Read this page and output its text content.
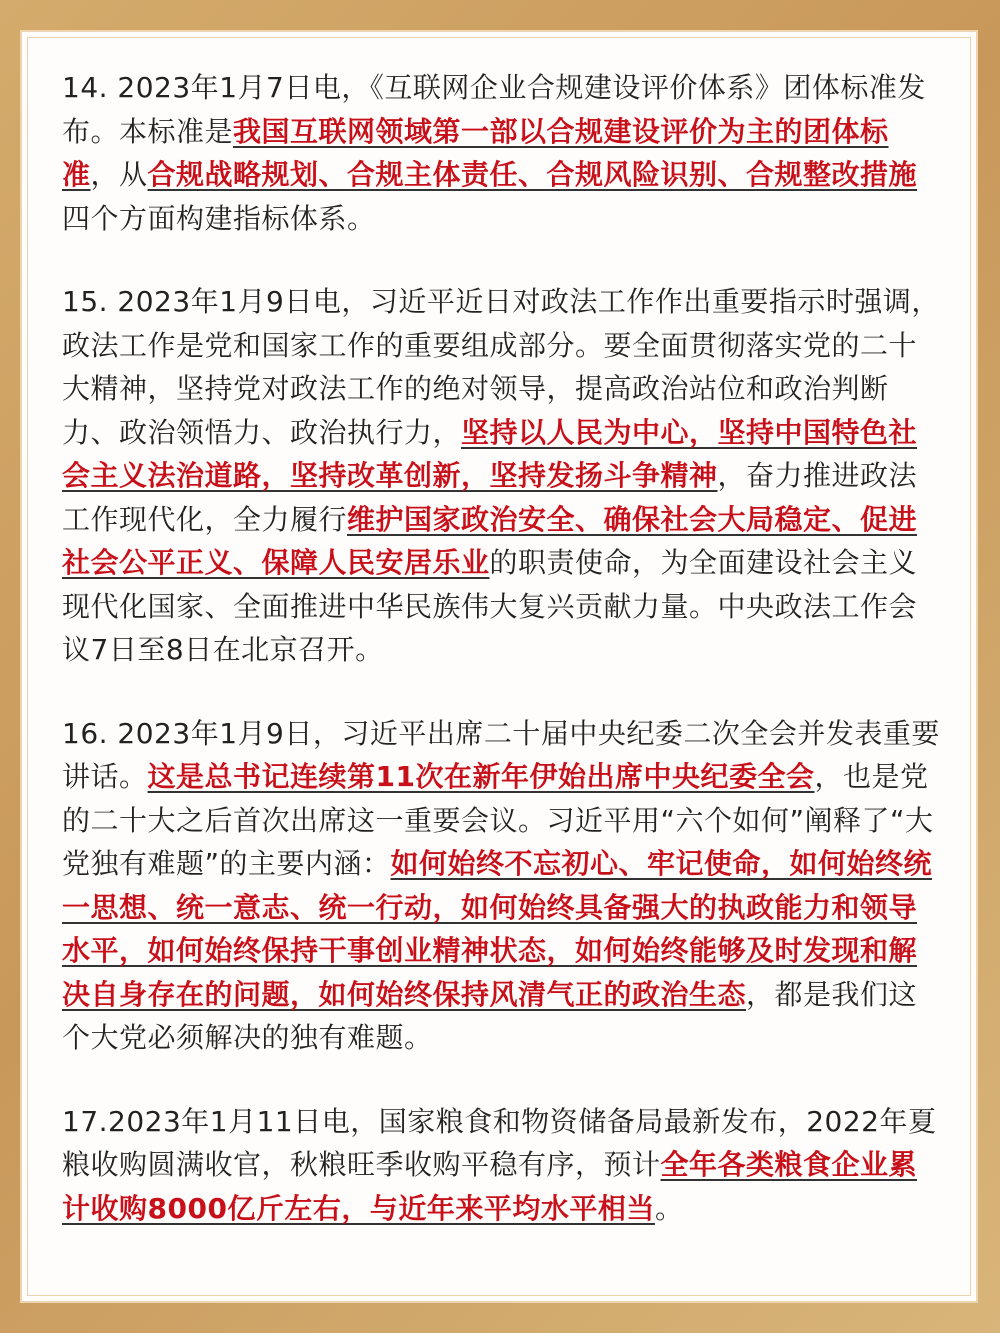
14. 2023年1月7日电，《互联网企业合规建设评价体系》团体标准发布。本标准是我国互联网领域第一部以合规建设评价为主的团体标准，从合规战略规划、合规主体责任、合规风险识别、合规整改措施四个方面构建指标体系。

15. 2023年1月9日电，习近平近日对政法工作作出重要指示时强调，政法工作是党和国家工作的重要组成部分。要全面贯彻落实党的二十大精神，坚持党对政法工作的绝对领导，提高政治站位和政治判断力、政治领悟力、政治执行力，坚持以人民为中心，坚持中国特色社会主义法治道路，坚持改革创新，坚持发扬斗争精神，奋力推进政法工作现代化，全力履行维护国家政治安全、确保社会大局稳定、促进社会公平正义、保障人民安居乐业的职责使命，为全面建设社会主义现代化国家、全面推进中华民族伟大复兴贡献力量。中央政法工作会议7日至8日在北京召开。

16. 2023年1月9日，习近平出席二十届中央纪委二次全会并发表重要讲话。这是总书记连续第11次在新年伊始出席中央纪委全会，也是党的二十大之后首次出席这一重要会议。习近平用“六个如何”阐释了“大党独有难题”的主要内涵：如何始终不忘初心、牢记使命，如何始终统一思想、统一意志、统一行动，如何始终具备强大的执政能力和领导水平，如何始终保持干事创业精神状态，如何始终能够及时发现和解决自身存在的问题，如何始终保持风清气正的政治生态，都是我们这个大党必须解决的独有难题。

17.2023年1月11日电，国家粮食和物资储备局最新发布，2022年夏粮收购圆满收官，秋粮旺季收购平稳有序，预计全年各类粮食企业累计收购8000亿斤左右，与近年来平均水平相当。
